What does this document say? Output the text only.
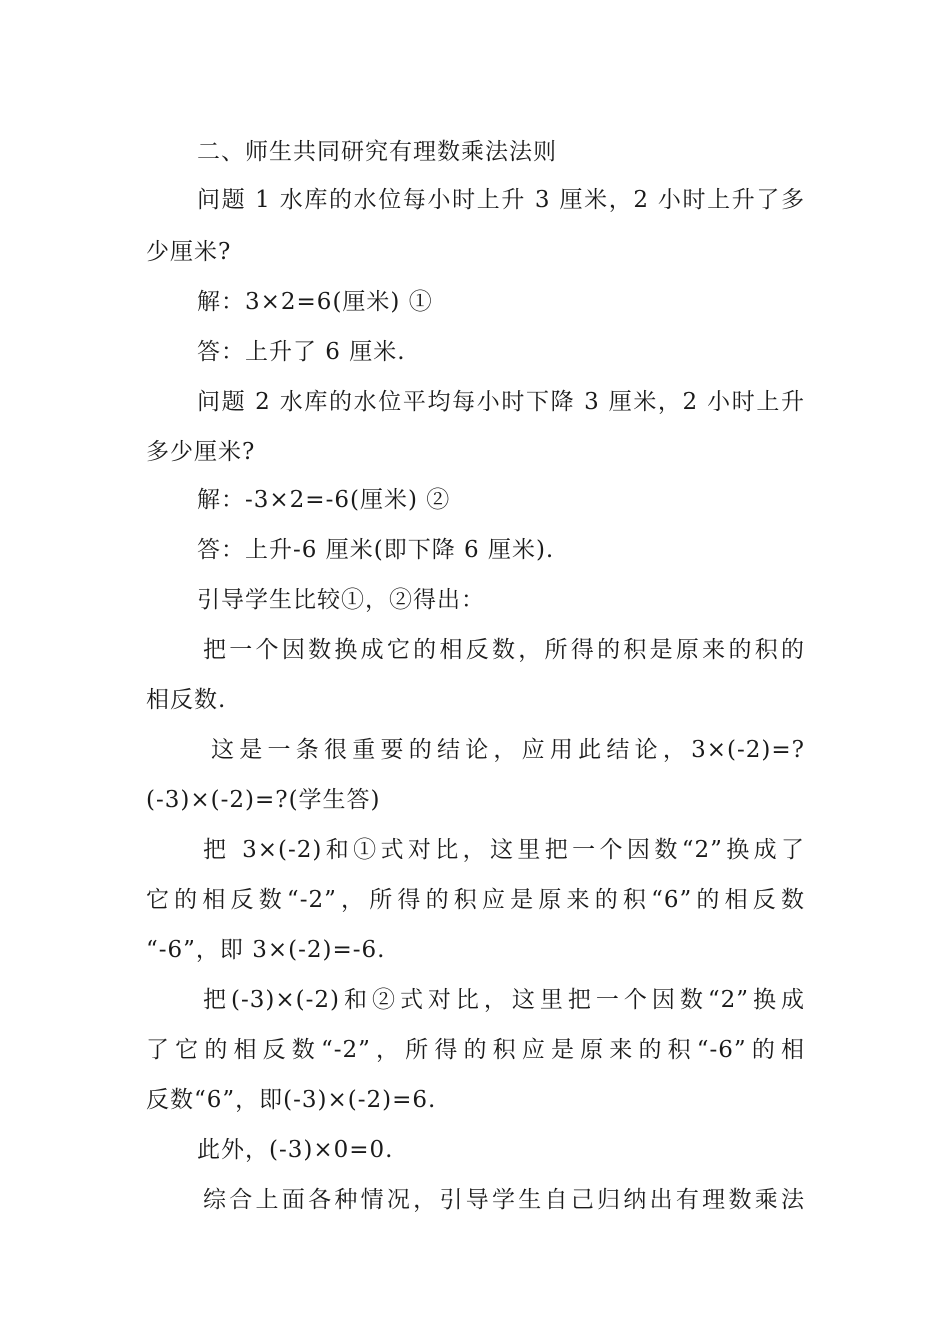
二、师生共同研究有理数乘法法则
问题 1 水库的水位每小时上升 3 厘米，2 小时上升了多
少厘米?
解：3×2=6(厘米) ①
答：上升了 6 厘米.
问题 2 水库的水位平均每小时下降 3 厘米，2 小时上升
多少厘米?
解：-3×2=-6(厘米) ②
答：上升-6 厘米(即下降 6 厘米).
引导学生比较①，②得出：
把一个因数换成它的相反数，所得的积是原来的积的
相反数.
这是一条很重要的结论，应用此结论，3×(-2)=?
(-3)×(-2)=?(学生答)
把 3×(-2)和①式对比，这里把一个因数“2”换成了
它的相反数“-2”，所得的积应是原来的积“6”的相反数
“-6”，即 3×(-2)=-6.
把(-3)×(-2)和②式对比，这里把一个因数“2”换成
了它的相反数“-2”，所得的积应是原来的积“-6”的相
反数“6”，即(-3)×(-2)=6.
此外，(-3)×0=0.
综合上面各种情况，引导学生自己归纳出有理数乘法
